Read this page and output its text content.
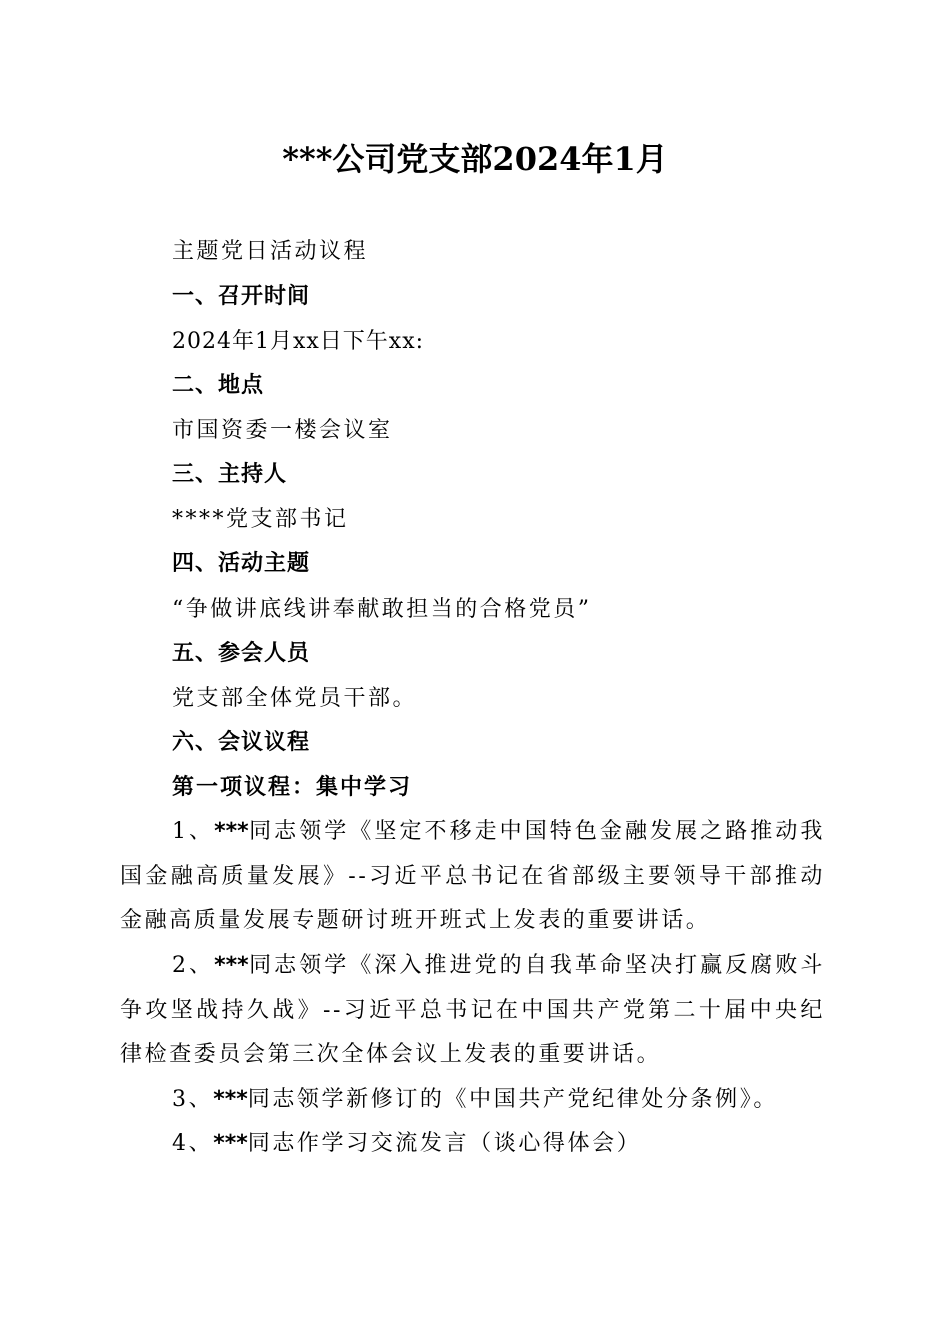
***公司党支部2024年1月
主题党日活动议程
一、召开时间
2024年1月xx日下午xx:
二、地点
市国资委一楼会议室
三、主持人
****党支部书记
四、活动主题
“争做讲底线讲奉献敢担当的合格党员”
五、参会人员
党支部全体党员干部。
六、会议议程
第一项议程：集中学习
1、***同志领学《坚定不移走中国特色金融发展之路推动我国金融高质量发展》--习近平总书记在省部级主要领导干部推动金融高质量发展专题研讨班开班式上发表的重要讲话。
2、***同志领学《深入推进党的自我革命坚决打赢反腐败斗争攻坚战持久战》--习近平总书记在中国共产党第二十届中央纪律检查委员会第三次全体会议上发表的重要讲话。
3、***同志领学新修订的《中国共产党纪律处分条例》。
4、***同志作学习交流发言（谈心得体会）
